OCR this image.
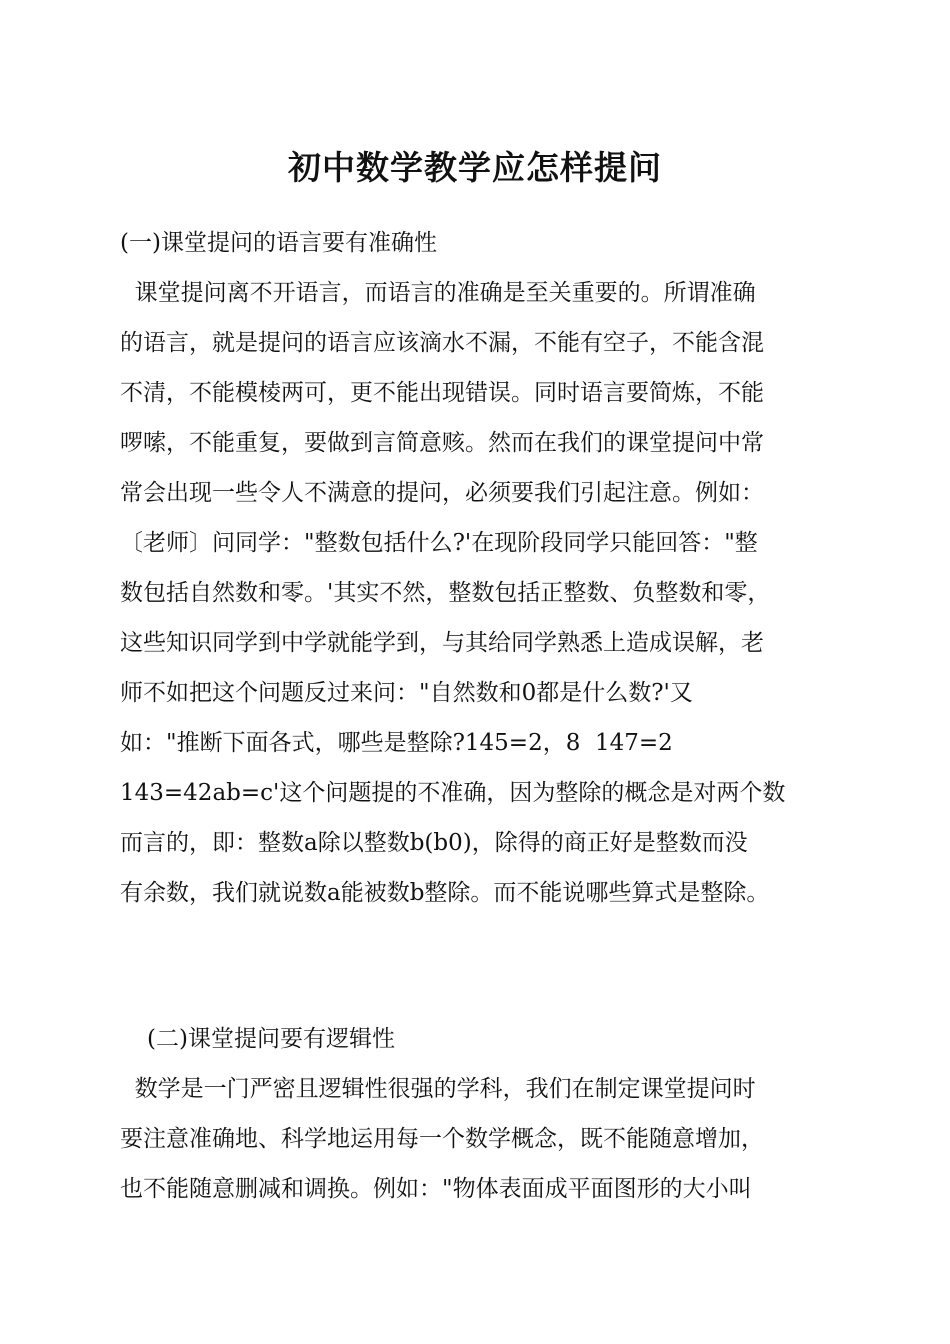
初中数学教学应怎样提问
(一)课堂提问的语言要有准确性
课堂提问离不开语言，而语言的准确是至关重要的。所谓准确
的语言，就是提问的语言应该滴水不漏，不能有空子，不能含混
不清，不能模棱两可，更不能出现错误。同时语言要简炼，不能
啰嗦，不能重复，要做到言简意赅。然而在我们的课堂提问中常
常会出现一些令人不满意的提问，必须要我们引起注意。例如：
〔老师〕问同学："整数包括什么?'在现阶段同学只能回答："整
数包括自然数和零。'其实不然，整数包括正整数、负整数和零，
这些知识同学到中学就能学到，与其给同学熟悉上造成误解，老
师不如把这个问题反过来问："自然数和0都是什么数?'又
如："推断下面各式，哪些是整除?145=2，8  147=2
143=42ab=c'这个问题提的不准确，因为整除的概念是对两个数
而言的，即：整数a除以整数b(b0)，除得的商正好是整数而没
有余数，我们就说数a能被数b整除。而不能说哪些算式是整除。
(二)课堂提问要有逻辑性
数学是一门严密且逻辑性很强的学科，我们在制定课堂提问时
要注意准确地、科学地运用每一个数学概念，既不能随意增加，
也不能随意删减和调换。例如："物体表面成平面图形的大小叫
